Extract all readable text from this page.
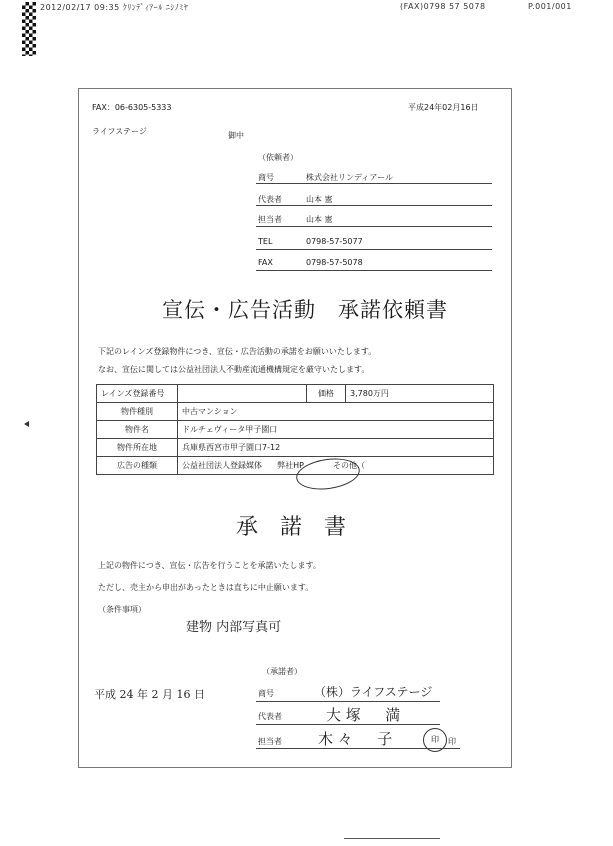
2012/02/17 09:35 ｸﾘﾝﾃﾞｨｱｰﾙ ﾆｼﾉﾐﾔ	(FAX)0798 57 5078	P.001/001
FAX：06-6305-5333
ライフステージ	御中
平成24年02月16日
（依頼者）
商号	株式会社リンディアール
代表者	山本 憲
担当者	山本 憲
TEL	0798-57-5077
FAX	0798-57-5078
宣伝・広告活動　承諾依頼書
下記のレインズ登録物件につき、宣伝・広告活動の承諾をお願いいたします。
なお、宣伝に関しては公益社団法人不動産流通機構規定を厳守いたします。
レインズ登録番号		価格	3,780万円
物件種別	中古マンション		
物件名	ドルチェヴィータ甲子園口		
物件所在地	兵庫県西宮市甲子園口7-12		
広告の種類	公益社団法人登録媒体 弊社HP その他（		
承　諾　書
上記の物件につき、宣伝・広告を行うことを承諾いたします。
ただし、売主から申出があったときは直ちに中止願います。
（条件事項）
建物 内部写真可
（承諾者）
平成 24 年 2 月 16 日	商号	（株）ライフステージ
代表者	大 塚 　 満
担当者 木 々 　 子	印	印
